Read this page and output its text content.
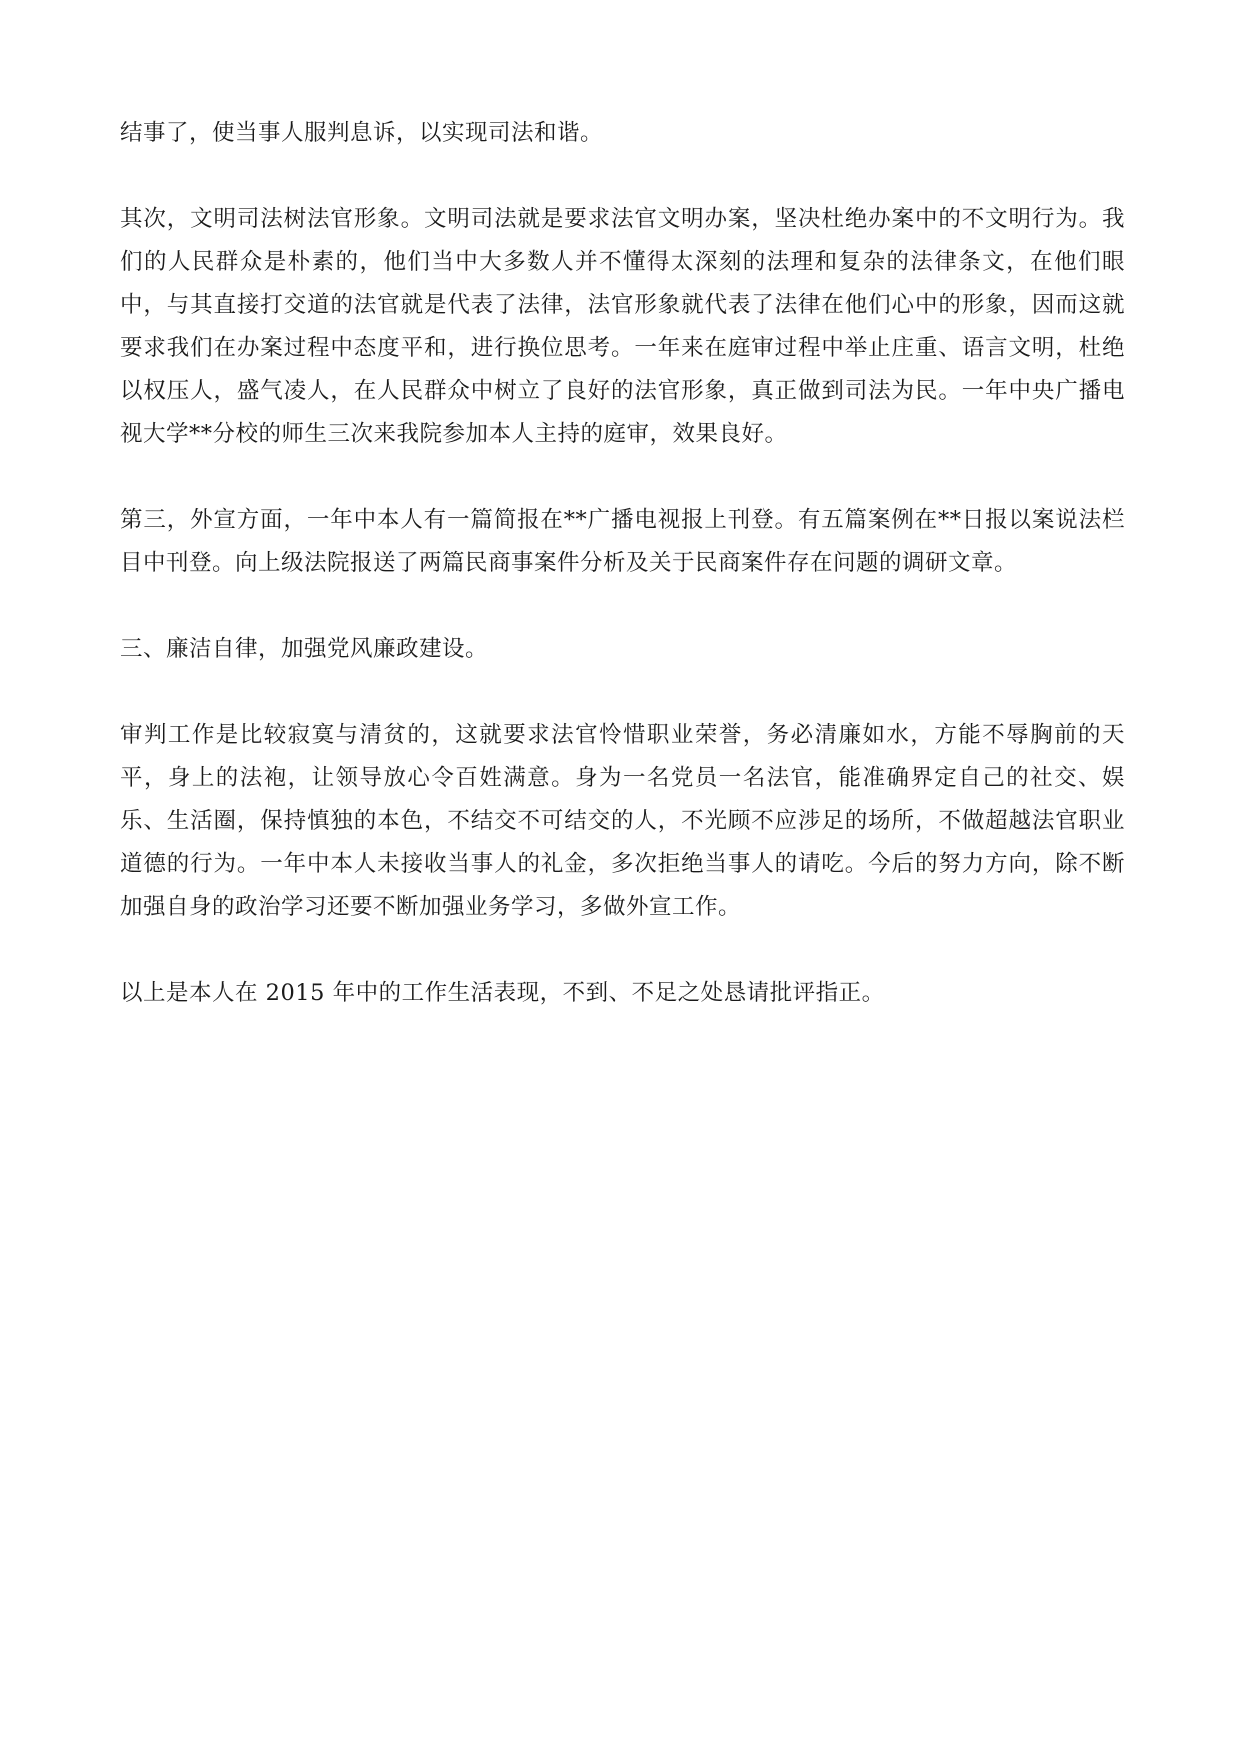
结事了，使当事人服判息诉，以实现司法和谐。

其次，文明司法树法官形象。文明司法就是要求法官文明办案，坚决杜绝办案中的不文明行为。我们的人民群众是朴素的，他们当中大多数人并不懂得太深刻的法理和复杂的法律条文，在他们眼中，与其直接打交道的法官就是代表了法律，法官形象就代表了法律在他们心中的形象，因而这就要求我们在办案过程中态度平和，进行换位思考。一年来在庭审过程中举止庄重、语言文明，杜绝以权压人，盛气凌人，在人民群众中树立了良好的法官形象，真正做到司法为民。一年中央广播电视大学**分校的师生三次来我院参加本人主持的庭审，效果良好。

第三，外宣方面，一年中本人有一篇简报在**广播电视报上刊登。有五篇案例在**日报以案说法栏目中刊登。向上级法院报送了两篇民商事案件分析及关于民商案件存在问题的调研文章。

三、廉洁自律，加强党风廉政建设。

审判工作是比较寂寞与清贫的，这就要求法官怜惜职业荣誉，务必清廉如水，方能不辱胸前的天平，身上的法袍，让领导放心令百姓满意。身为一名党员一名法官，能准确界定自己的社交、娱乐、生活圈，保持慎独的本色，不结交不可结交的人，不光顾不应涉足的场所，不做超越法官职业道德的行为。一年中本人未接收当事人的礼金，多次拒绝当事人的请吃。今后的努力方向，除不断加强自身的政治学习还要不断加强业务学习，多做外宣工作。

以上是本人在 2015 年中的工作生活表现，不到、不足之处恳请批评指正。
